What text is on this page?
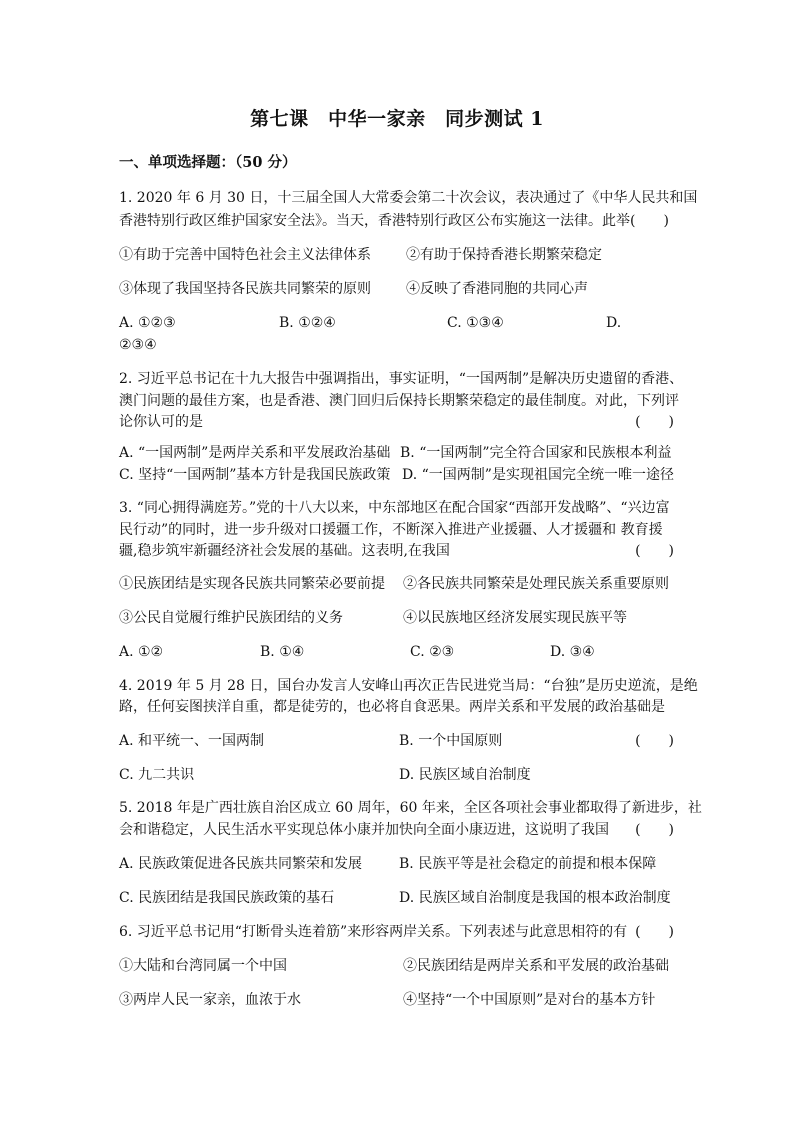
第七课　中华一家亲　同步测试 1
一、单项选择题：（50 分）
1. 2020 年 6 月 30 日，十三届全国人大常委会第二十次会议，表决通过了《中华人民共和国
香港特别行政区维护国家安全法》。当天，香港特别行政区公布实施这一法律。此举(　　)
①有助于完善中国特色社会主义法律体系	②有助于保持香港长期繁荣稳定
③体现了我国坚持各民族共同繁荣的原则	④反映了香港同胞的共同心声
A. ①②③	B. ①②④	C. ①③④	D.
②③④
2. 习近平总书记在十九大报告中强调指出，事实证明，“一国两制”是解决历史遗留的香港、
澳门问题的最佳方案，也是香港、澳门回归后保持长期繁荣稳定的最佳制度。对此，下列评
论你认可的是	(　　)
A. “一国两制”是两岸关系和平发展政治基础 B. “一国两制”完全符合国家和民族根本利益
C. 坚持“一国两制”基本方针是我国民族政策 D. “一国两制”是实现祖国完全统一唯一途径
3. “同心拥得满庭芳。”党的十八大以来，中东部地区在配合国家“西部开发战略”、“兴边富
民行动”的同时，进一步升级对口援疆工作，不断深入推进产业援疆、人才援疆和 教育援
疆,稳步筑牢新疆经济社会发展的基础。这表明,在我国	(　　)
①民族团结是实现各民族共同繁荣必要前提 ②各民族共同繁荣是处理民族关系重要原则
③公民自觉履行维护民族团结的义务	④以民族地区经济发展实现民族平等
A. ①②	B. ①④	C. ②③	D. ③④
4. 2019 年 5 月 28 日，国台办发言人安峰山再次正告民进党当局：“台独”是历史逆流，是绝
路，任何妄图挟洋自重，都是徒劳的，也必将自食恶果。两岸关系和平发展的政治基础是
A. 和平统一、一国两制	B. 一个中国原则	(　　)
C. 九二共识	D. 民族区域自治制度
5. 2018 年是广西壮族自治区成立 60 周年，60 年来，全区各项社会事业都取得了新进步，社
会和谐稳定，人民生活水平实现总体小康并加快向全面小康迈进，这说明了我国 (　　)
A. 民族政策促进各民族共同繁荣和发展	B. 民族平等是社会稳定的前提和根本保障
C. 民族团结是我国民族政策的基石	D. 民族区域自治制度是我国的根本政治制度
6. 习近平总书记用“打断骨头连着筋”来形容两岸关系。下列表述与此意思相符的有 (　　)
①大陆和台湾同属一个中国	②民族团结是两岸关系和平发展的政治基础
③两岸人民一家亲，血浓于水	④坚持“一个中国原则”是对台的基本方针
